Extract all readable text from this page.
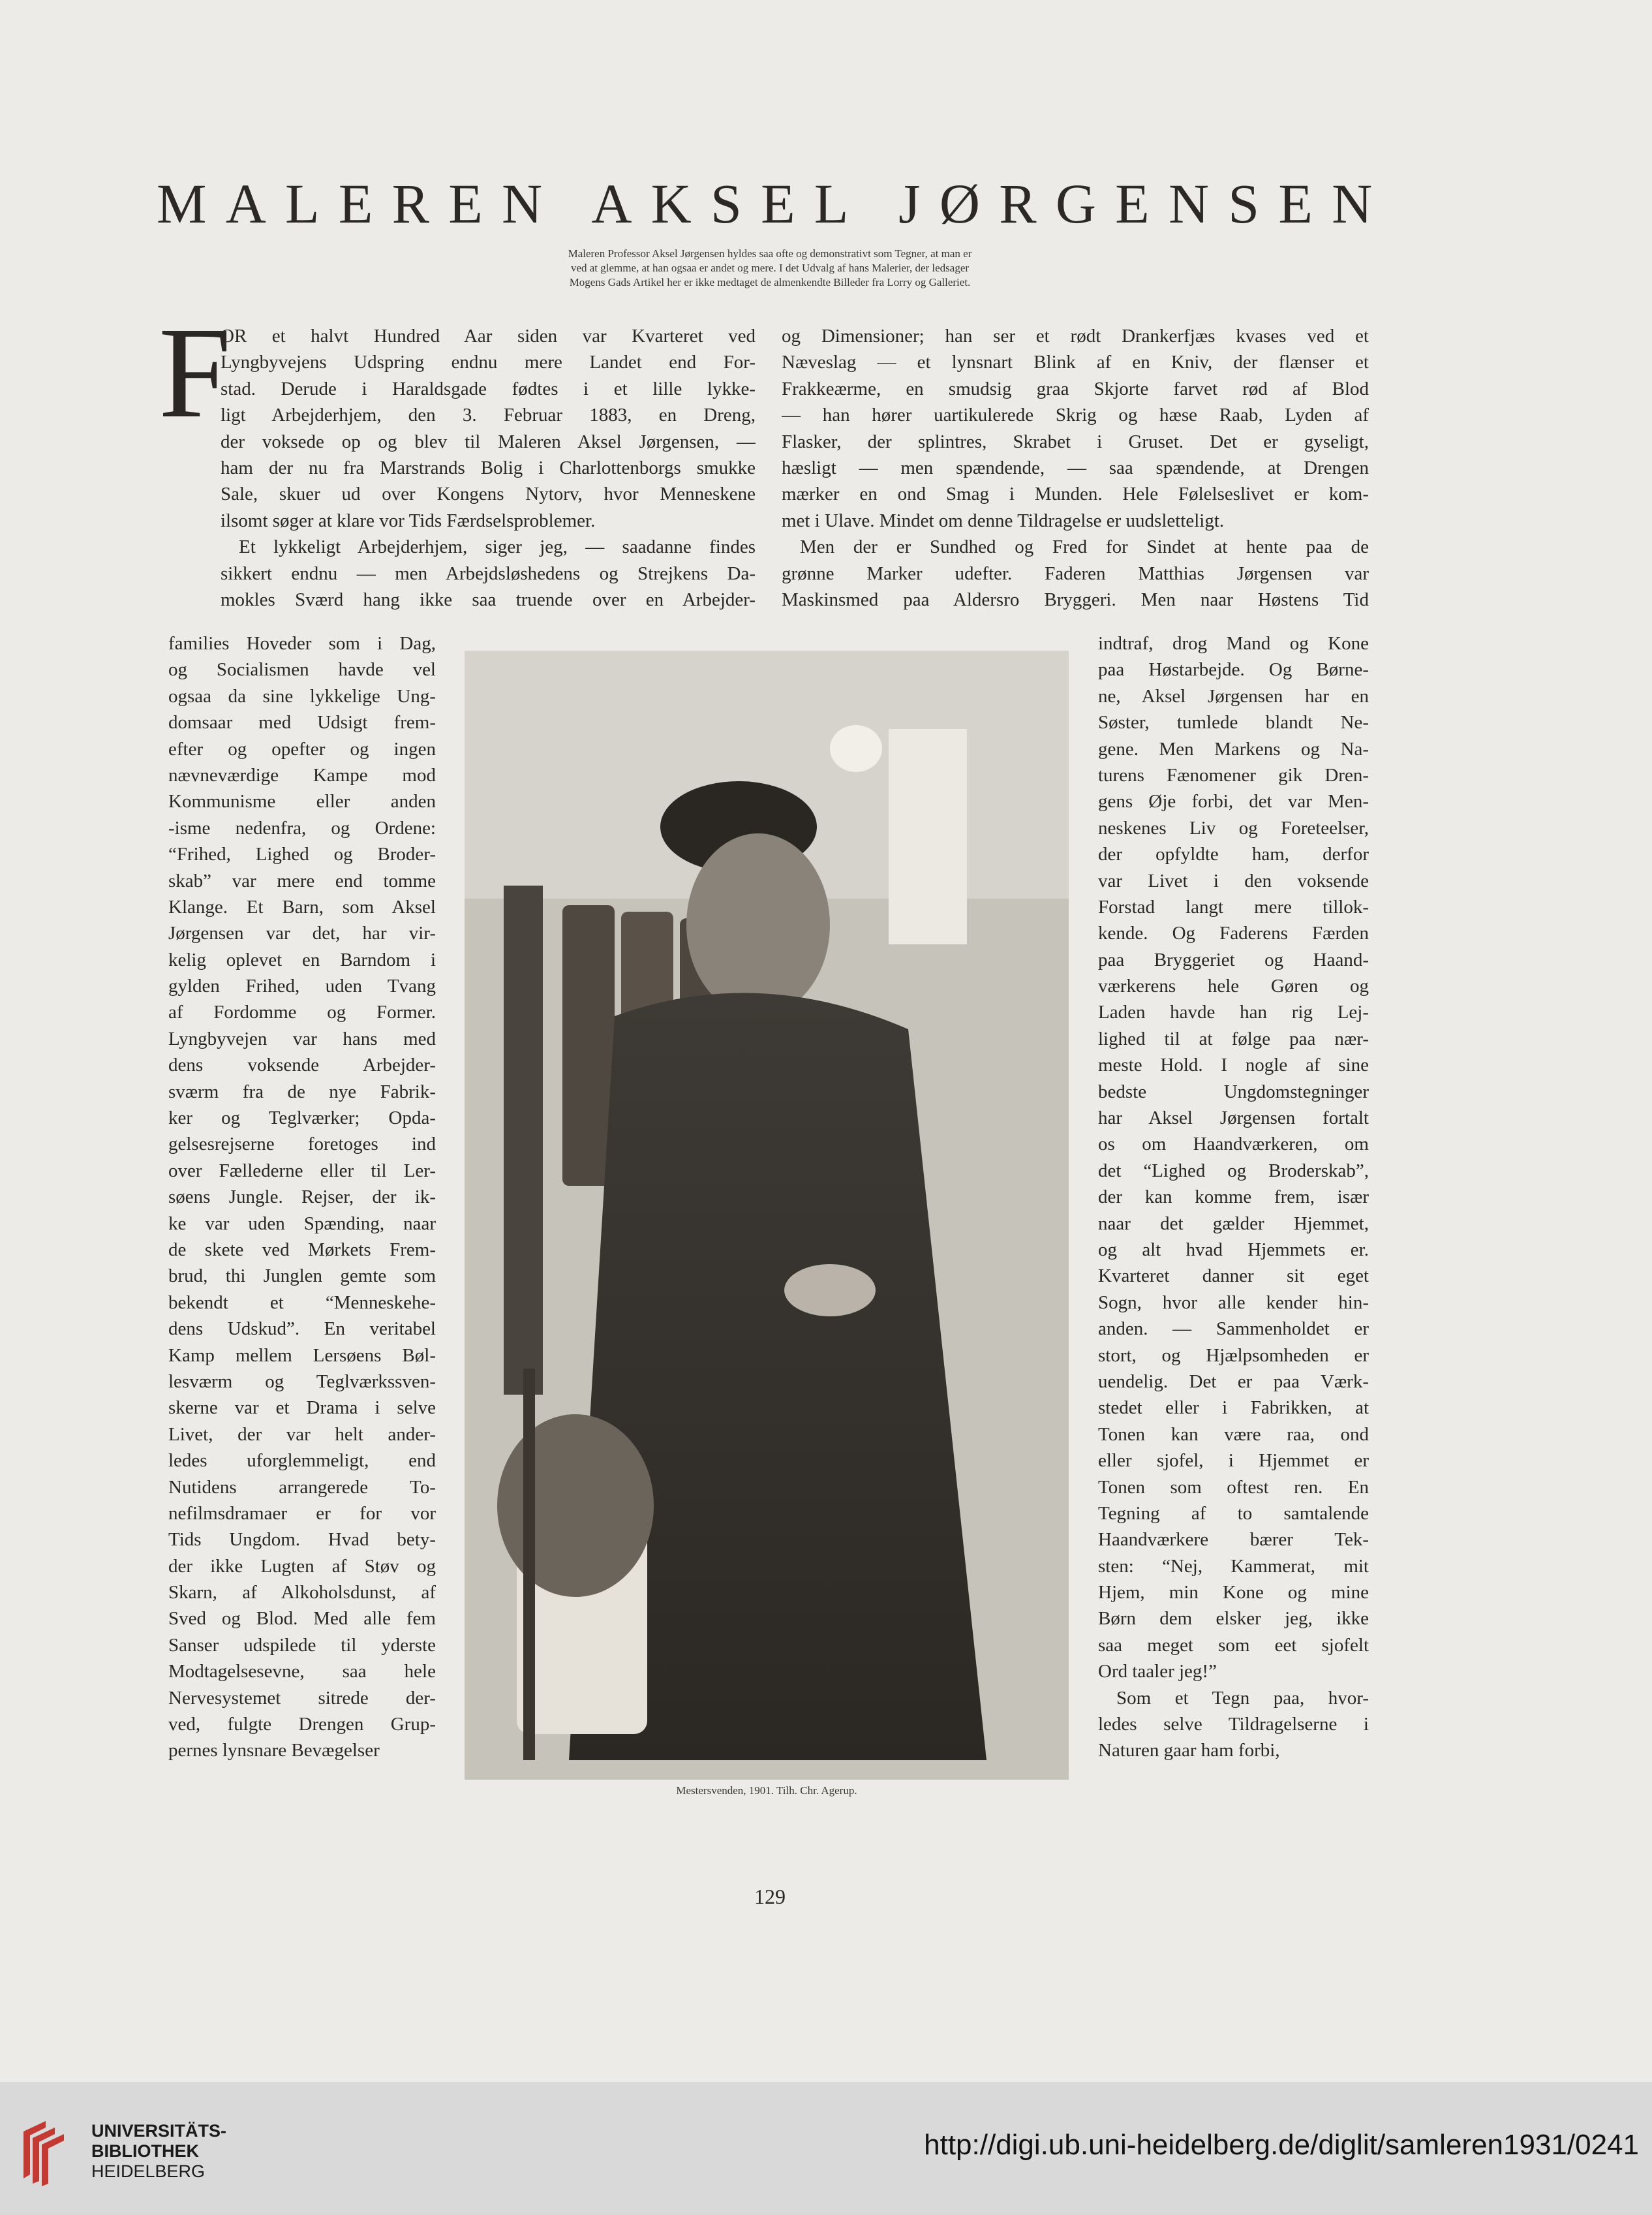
MALEREN AKSEL JØRGENSEN

Maleren Professor Aksel Jørgensen hyldes saa ofte og demonstrativt som Tegner, at man er

ved at glemme, at han ogsaa er andet og mere. I det Udvalg af hans Malerier, der ledsager

Mogens Gads Artikel her er ikke medtaget de almenkendte Billeder fra Lorry og Galleriet.

F
OR et halvt Hundred Aar siden var Kvarteret ved
Lyngbyvejens Udspring endnu mere Landet end For-
stad. Derude i Haraldsgade fødtes i et lille lykke-
ligt Arbejderhjem, den 3. Februar 1883, en Dreng,
der voksede op og blev til Maleren Aksel Jørgensen, —
ham der nu fra Marstrands Bolig i Charlottenborgs smukke
Sale, skuer ud over Kongens Nytorv, hvor Menneskene
ilsomt søger at klare vor Tids Færdselsproblemer.
Et lykkeligt Arbejderhjem, siger jeg, — saadanne findes
sikkert endnu — men Arbejdsløshedens og Strejkens Da-
mokles Sværd hang ikke saa truende over en Arbejder-
families Hoveder som i Dag,
og Socialismen havde vel
ogsaa da sine lykkelige Ung-
domsaar med Udsigt frem-
efter og opefter og ingen
nævneværdige Kampe mod
Kommunisme eller anden
-isme nedenfra, og Ordene:
“Frihed, Lighed og Broder-
skab” var mere end tomme
Klange. Et Barn, som Aksel
Jørgensen var det, har vir-
kelig oplevet en Barndom i
gylden Frihed, uden Tvang
af Fordomme og Former.
Lyngbyvejen var hans med
dens voksende Arbejder-
sværm fra de nye Fabrik-
ker og Teglværker; Opda-
gelsesrejserne foretoges ind
over Fællederne eller til Ler-
søens Jungle. Rejser, der ik-
ke var uden Spænding, naar
de skete ved Mørkets Frem-
brud, thi Junglen gemte som
bekendt et “Menneskehe-
dens Udskud”. En veritabel
Kamp mellem Lersøens Bøl-
lesværm og Teglværkssven-
skerne var et Drama i selve
Livet, der var helt ander-
ledes uforglemmeligt, end
Nutidens arrangerede To-
nefilmsdramaer er for vor
Tids Ungdom. Hvad bety-
der ikke Lugten af Støv og
Skarn, af Alkoholsdunst, af
Sved og Blod. Med alle fem
Sanser udspilede til yderste
Modtagelsesevne, saa hele
Nervesystemet sitrede der-
ved, fulgte Drengen Grup-
pernes lynsnare Bevægelser
og Dimensioner; han ser et rødt Drankerfjæs kvases ved et
Næveslag — et lynsnart Blink af en Kniv, der flænser et
Frakkeærme, en smudsig graa Skjorte farvet rød af Blod
— han hører uartikulerede Skrig og hæse Raab, Lyden af
Flasker, der splintres, Skrabet i Gruset. Det er gyseligt,
hæsligt — men spændende, — saa spændende, at Drengen
mærker en ond Smag i Munden. Hele Følelseslivet er kom-
met i Ulave. Mindet om denne Tildragelse er uudsletteligt.
Men der er Sundhed og Fred for Sindet at hente paa de
grønne Marker udefter. Faderen Matthias Jørgensen var
Maskinsmed paa Aldersro Bryggeri. Men naar Høstens Tid
indtraf, drog Mand og Kone
paa Høstarbejde. Og Børne-
ne, Aksel Jørgensen har en
Søster, tumlede blandt Ne-
gene. Men Markens og Na-
turens Fænomener gik Dren-
gens Øje forbi, det var Men-
neskenes Liv og Foreteelser,
der opfyldte ham, derfor
var Livet i den voksende
Forstad langt mere tillok-
kende. Og Faderens Færden
paa Bryggeriet og Haand-
værkerens hele Gøren og
Laden havde han rig Lej-
lighed til at følge paa nær-
meste Hold. I nogle af sine
bedste Ungdomstegninger
har Aksel Jørgensen fortalt
os om Haandværkeren, om
det “Lighed og Broderskab”,
der kan komme frem, især
naar det gælder Hjemmet,
og alt hvad Hjemmets er.
Kvarteret danner sit eget
Sogn, hvor alle kender hin-
anden. — Sammenholdet er
stort, og Hjælpsomheden er
uendelig. Det er paa Værk-
stedet eller i Fabrikken, at
Tonen kan være raa, ond
eller sjofel, i Hjemmet er
Tonen som oftest ren. En
Tegning af to samtalende
Haandværkere bærer Tek-
sten: “Nej, Kammerat, mit
Hjem, min Kone og mine
Børn dem elsker jeg, ikke
saa meget som eet sjofelt
Ord taaler jeg!”
Som et Tegn paa, hvor-
ledes selve Tildragelserne i
Naturen gaar ham forbi,
Mestersvenden, 1901. Tilh. Chr. Agerup.
129
UNIVERSITÄTS-
BIBLIOTHEK
HEIDELBERG
http://digi.ub.uni-heidelberg.de/diglit/samleren1931/0241
